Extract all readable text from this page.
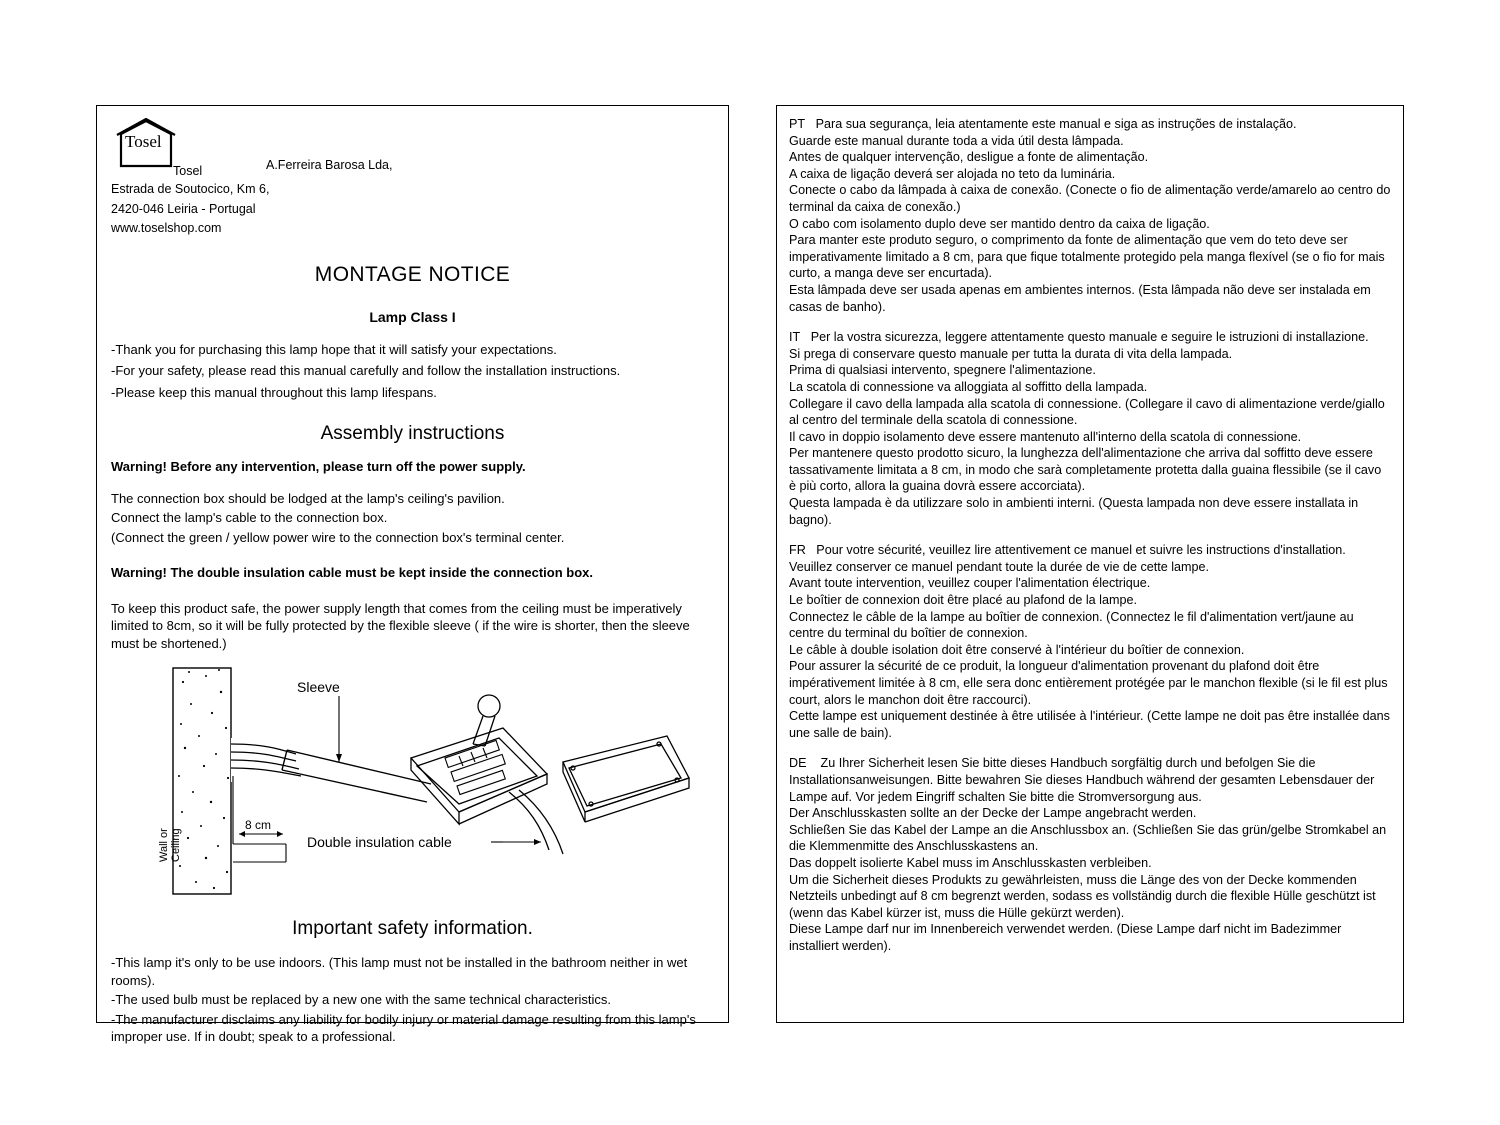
Tosel
Tosel
A.Ferreira Barosa Lda,
Estrada de Soutocico, Km 6,
2420-046 Leiria - Portugal
www.toselshop.com
MONTAGE NOTICE
Lamp Class I
-Thank you for purchasing this lamp hope that it will satisfy your expectations.
-For your safety, please read this manual carefully and follow the installation instructions.
-Please keep this manual throughout this lamp lifespans.
Assembly instructions
Warning! Before any intervention, please turn off the power supply.
The connection box should be lodged at the lamp's ceiling's pavilion.
Connect the lamp's cable to the connection box.
(Connect the green / yellow power wire to the connection box's terminal center.
Warning! The double insulation cable must be kept inside the connection box.
To keep this product safe, the power supply length that comes from the ceiling must be imperatively limited to 8cm, so it will be fully protected by the flexible sleeve ( if the wire is shorter, then the sleeve must be shortened.)
8 cm
Sleeve
Double insulation cable
Wall or Ceiling
Important safety information.
-This lamp it's only to be use indoors. (This lamp must not be installed in the bathroom neither in wet rooms).
-The used bulb must be replaced by a new one with the same technical characteristics.
-The manufacturer disclaims any liability for bodily injury or material damage resulting from this lamp's improper use. If in doubt; speak to a professional.
PT Para sua segurança, leia atentamente este manual e siga as instruções de instalação.
Guarde este manual durante toda a vida útil desta lâmpada.
Antes de qualquer intervenção, desligue a fonte de alimentação.
A caixa de ligação deverá ser alojada no teto da luminária.
Conecte o cabo da lâmpada à caixa de conexão. (Conecte o fio de alimentação verde/amarelo ao centro do terminal da caixa de conexão.)
O cabo com isolamento duplo deve ser mantido dentro da caixa de ligação.
Para manter este produto seguro, o comprimento da fonte de alimentação que vem do teto deve ser imperativamente limitado a 8 cm, para que fique totalmente protegido pela manga flexível (se o fio for mais curto, a manga deve ser encurtada).
Esta lâmpada deve ser usada apenas em ambientes internos. (Esta lâmpada não deve ser instalada em casas de banho).
IT Per la vostra sicurezza, leggere attentamente questo manuale e seguire le istruzioni di installazione.
Si prega di conservare questo manuale per tutta la durata di vita della lampada.
Prima di qualsiasi intervento, spegnere l'alimentazione.
La scatola di connessione va alloggiata al soffitto della lampada.
Collegare il cavo della lampada alla scatola di connessione. (Collegare il cavo di alimentazione verde/giallo al centro del terminale della scatola di connessione.
Il cavo in doppio isolamento deve essere mantenuto all'interno della scatola di connessione.
Per mantenere questo prodotto sicuro, la lunghezza dell'alimentazione che arriva dal soffitto deve essere tassativamente limitata a 8 cm, in modo che sarà completamente protetta dalla guaina flessibile (se il cavo è più corto, allora la guaina dovrà essere accorciata).
Questa lampada è da utilizzare solo in ambienti interni. (Questa lampada non deve essere installata in bagno).
FR Pour votre sécurité, veuillez lire attentivement ce manuel et suivre les instructions d'installation. Veuillez conserver ce manuel pendant toute la durée de vie de cette lampe.
Avant toute intervention, veuillez couper l'alimentation électrique.
Le boîtier de connexion doit être placé au plafond de la lampe.
Connectez le câble de la lampe au boîtier de connexion. (Connectez le fil d'alimentation vert/jaune au centre du terminal du boîtier de connexion.
Le câble à double isolation doit être conservé à l'intérieur du boîtier de connexion.
Pour assurer la sécurité de ce produit, la longueur d'alimentation provenant du plafond doit être impérativement limitée à 8 cm, elle sera donc entièrement protégée par le manchon flexible (si le fil est plus court, alors le manchon doit être raccourci).
Cette lampe est uniquement destinée à être utilisée à l'intérieur. (Cette lampe ne doit pas être installée dans une salle de bain).
DE Zu Ihrer Sicherheit lesen Sie bitte dieses Handbuch sorgfältig durch und befolgen Sie die Installationsanweisungen. Bitte bewahren Sie dieses Handbuch während der gesamten Lebensdauer der Lampe auf. Vor jedem Eingriff schalten Sie bitte die Stromversorgung aus.
Der Anschlusskasten sollte an der Decke der Lampe angebracht werden.
Schließen Sie das Kabel der Lampe an die Anschlussbox an. (Schließen Sie das grün/gelbe Stromkabel an die Klemmenmitte des Anschlusskastens an.
Das doppelt isolierte Kabel muss im Anschlusskasten verbleiben.
Um die Sicherheit dieses Produkts zu gewährleisten, muss die Länge des von der Decke kommenden Netzteils unbedingt auf 8 cm begrenzt werden, sodass es vollständig durch die flexible Hülle geschützt ist (wenn das Kabel kürzer ist, muss die Hülle gekürzt werden).
Diese Lampe darf nur im Innenbereich verwendet werden. (Diese Lampe darf nicht im Badezimmer installiert werden).
